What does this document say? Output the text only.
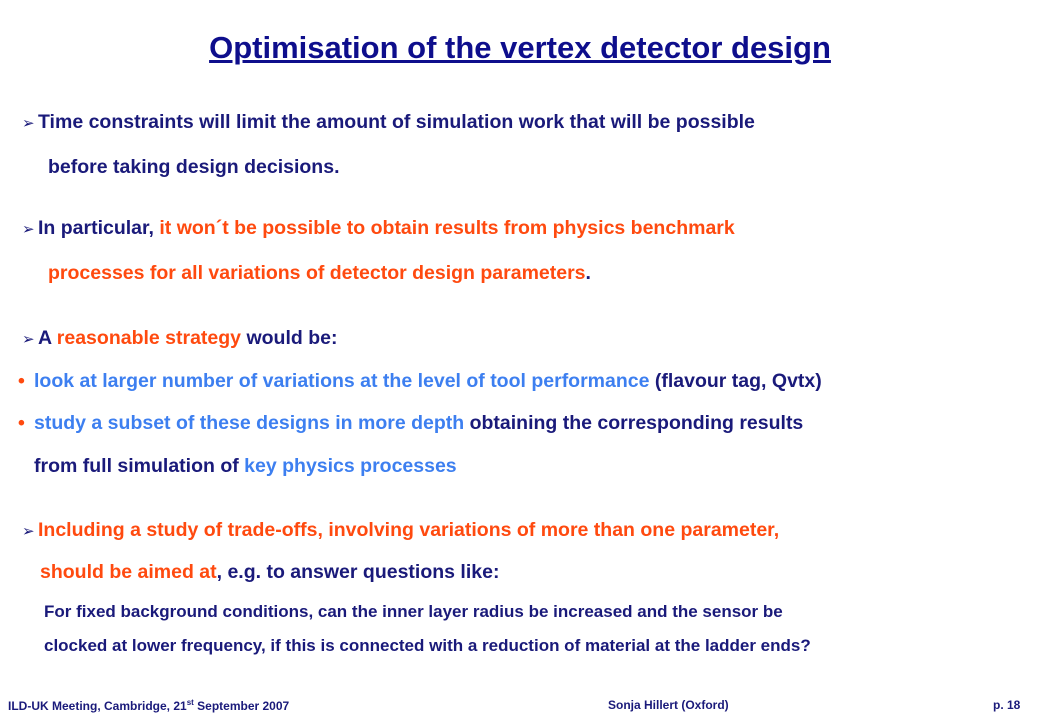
Optimisation of the vertex detector design
➢ Time constraints will limit the amount of simulation work that will be possible
before taking design decisions.
➢ In particular, it won´t be possible to obtain results from physics benchmark
processes for all variations of detector design parameters.
➢ A reasonable strategy would be:
• look at larger number of variations at the level of tool performance (flavour tag, Qvtx)
• study a subset of these designs in more depth obtaining the corresponding results
from full simulation of key physics processes
➢ Including a study of trade-offs, involving variations of more than one parameter,
should be aimed at, e.g. to answer questions like:
For fixed background conditions, can the inner layer radius be increased and the sensor be
clocked at lower frequency, if this is connected with a reduction of material at the ladder ends?
ILD-UK Meeting, Cambridge, 21st September 2007	Sonja Hillert (Oxford)	p. 18
